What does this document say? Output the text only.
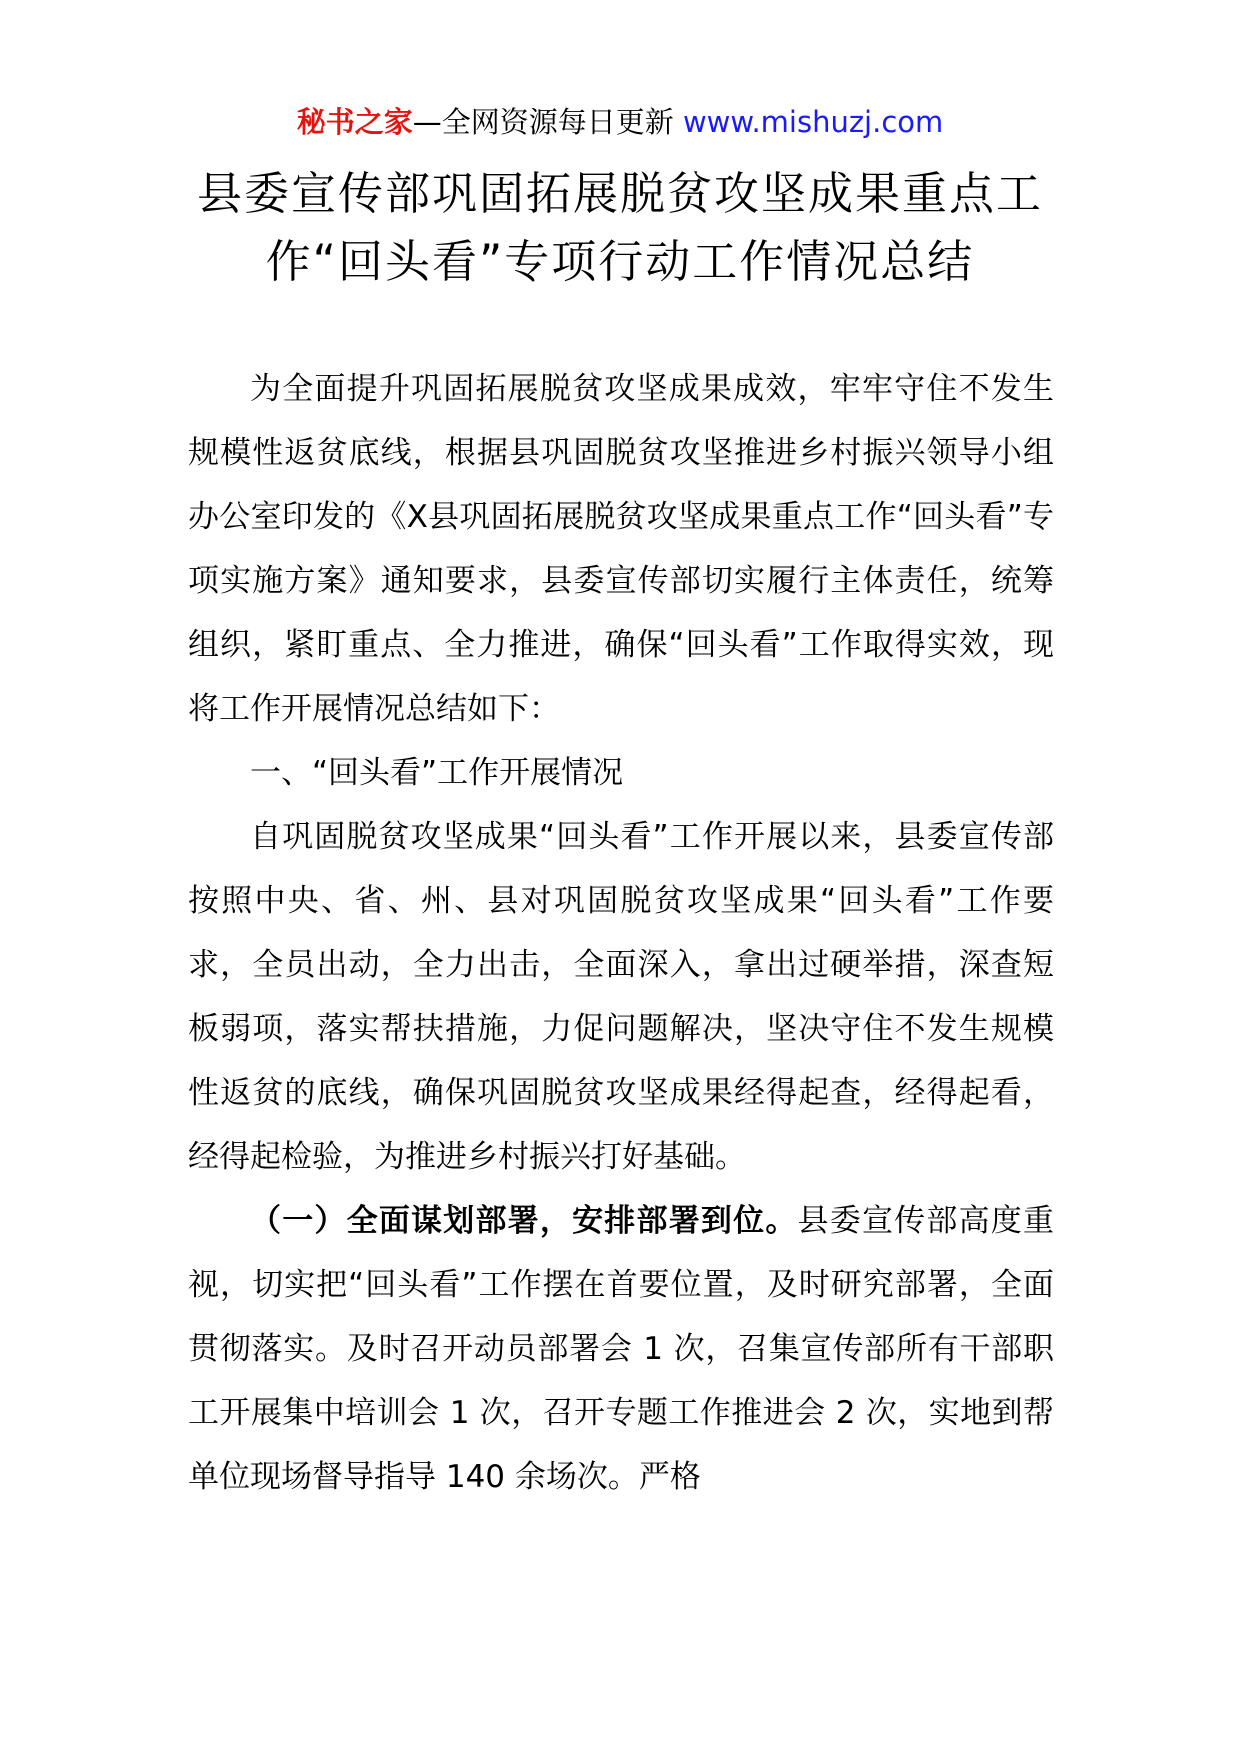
秘书之家—全网资源每日更新 www.mishuzj.com
县委宣传部巩固拓展脱贫攻坚成果重点工
作“回头看”专项行动工作情况总结

为全面提升巩固拓展脱贫攻坚成果成效，牢牢守住不发生规模性返贫底线，根据县巩固脱贫攻坚推进乡村振兴领导小组办公室印发的《X县巩固拓展脱贫攻坚成果重点工作“回头看”专项实施方案》通知要求，县委宣传部切实履行主体责任，统筹组织，紧盯重点、全力推进，确保“回头看”工作取得实效，现将工作开展情况总结如下：

一、“回头看”工作开展情况

自巩固脱贫攻坚成果“回头看”工作开展以来，县委宣传部按照中央、省、州、县对巩固脱贫攻坚成果“回头看”工作要求，全员出动，全力出击，全面深入，拿出过硬举措，深查短板弱项，落实帮扶措施，力促问题解决，坚决守住不发生规模性返贫的底线，确保巩固脱贫攻坚成果经得起查，经得起看，经得起检验，为推进乡村振兴打好基础。

（一）全面谋划部署，安排部署到位。县委宣传部高度重视，切实把“回头看”工作摆在首要位置，及时研究部署，全面贯彻落实。及时召开动员部署会 1 次，召集宣传部所有干部职工开展集中培训会 1 次，召开专题工作推进会 2 次，实地到帮单位现场督导指导 140 余场次。严格
